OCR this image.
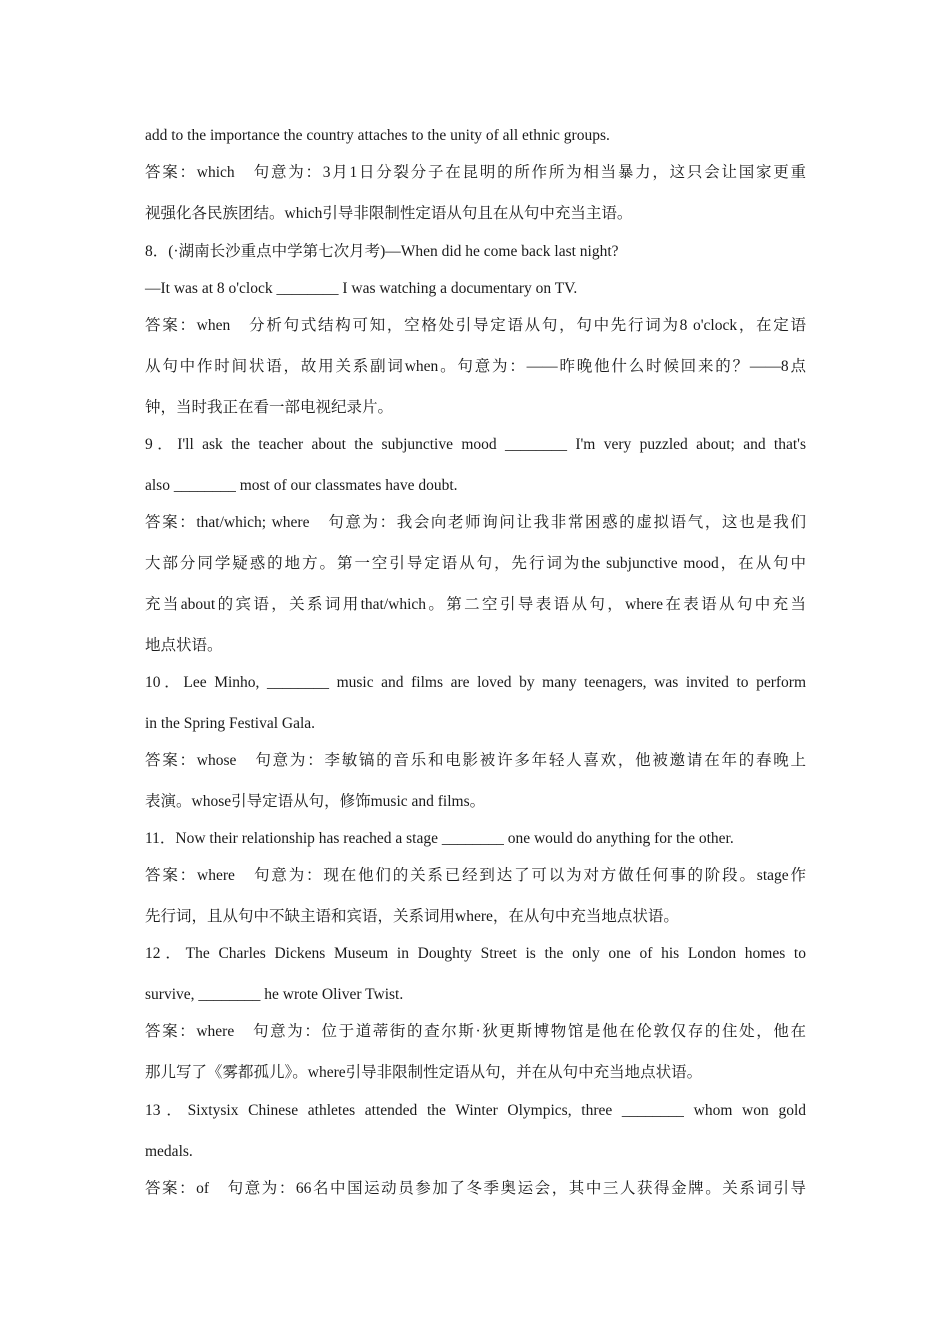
add to the importance the country attaches to the unity of all ethnic groups.

答案：which　句意为：3月1日分裂分子在昆明的所作所为相当暴力，这只会让国家更重

视强化各民族团结。which引导非限制性定语从句且在从句中充当主语。

8．(·湖南长沙重点中学第七次月考)—When did he come back last night?

—It was at 8 o'clock ________ I was watching a documentary on TV.

答案：when　分析句式结构可知，空格处引导定语从句，句中先行词为8 o'clock，在定语

从句中作时间状语，故用关系副词when。句意为：——昨晚他什么时候回来的？——8点

钟，当时我正在看一部电视纪录片。

9．I'll ask the teacher about the subjunctive mood ________ I'm very puzzled about; and that's

also ________ most of our classmates have doubt.

答案：that/which; where　句意为：我会向老师询问让我非常困惑的虚拟语气，这也是我们

大部分同学疑惑的地方。第一空引导定语从句，先行词为the subjunctive mood，在从句中

充当about的宾语，关系词用that/which。第二空引导表语从句，where在表语从句中充当

地点状语。

10．Lee Minho, ________ music and films are loved by many teenagers, was invited to perform

in the Spring Festival Gala.

答案：whose　句意为：李敏镐的音乐和电影被许多年轻人喜欢，他被邀请在年的春晚上

表演。whose引导定语从句，修饰music and films。

11．Now their relationship has reached a stage ________ one would do anything for the other.

答案：where　句意为：现在他们的关系已经到达了可以为对方做任何事的阶段。stage作

先行词，且从句中不缺主语和宾语，关系词用where，在从句中充当地点状语。

12．The Charles Dickens Museum in Doughty Street is the only one of his London homes to

survive, ________ he wrote Oliver Twist.

答案：where　句意为：位于道蒂街的查尔斯·狄更斯博物馆是他在伦敦仅存的住处，他在

那儿写了《雾都孤儿》。where引导非限制性定语从句，并在从句中充当地点状语。

13．Sixtysix Chinese athletes attended the Winter Olympics, three ________ whom won gold

medals.

答案：of　句意为：66名中国运动员参加了冬季奥运会，其中三人获得金牌。关系词引导
